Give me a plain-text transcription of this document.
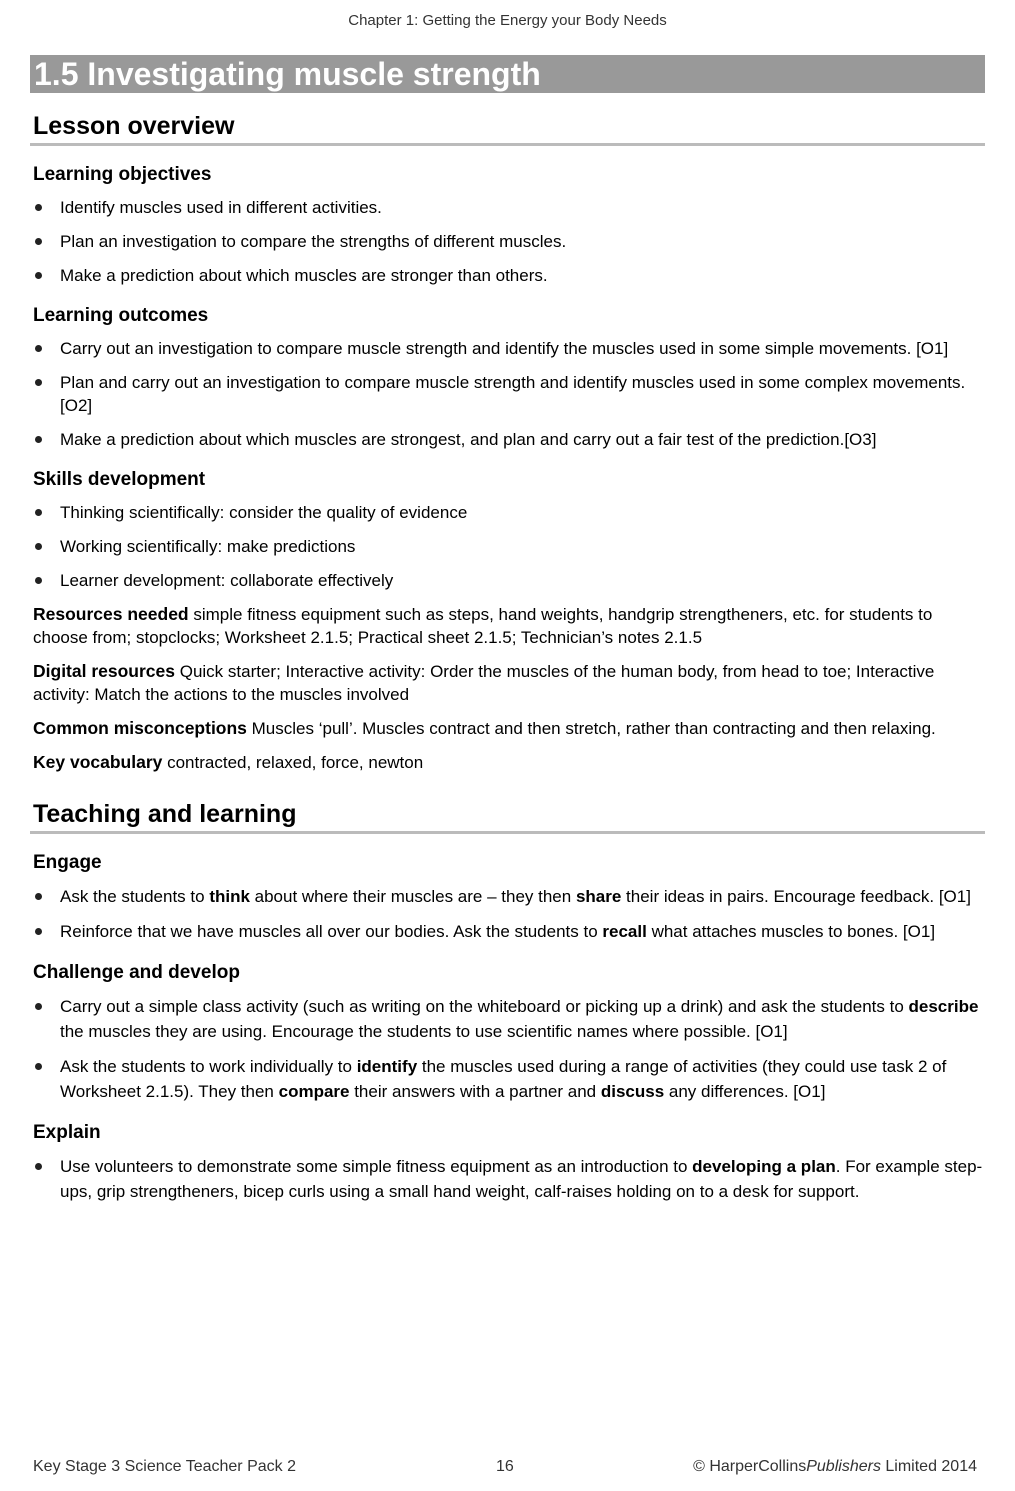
Chapter 1: Getting the Energy your Body Needs
1.5 Investigating muscle strength
Lesson overview
Learning objectives
Identify muscles used in different activities.
Plan an investigation to compare the strengths of different muscles.
Make a prediction about which muscles are stronger than others.
Learning outcomes
Carry out an investigation to compare muscle strength and identify the muscles used in some simple movements. [O1]
Plan and carry out an investigation to compare muscle strength and identify muscles used in some complex movements. [O2]
Make a prediction about which muscles are strongest, and plan and carry out a fair test of the prediction.[O3]
Skills development
Thinking scientifically: consider the quality of evidence
Working scientifically: make predictions
Learner development: collaborate effectively
Resources needed simple fitness equipment such as steps, hand weights, handgrip strengtheners, etc. for students to choose from; stopclocks; Worksheet 2.1.5; Practical sheet 2.1.5; Technician’s notes 2.1.5
Digital resources Quick starter; Interactive activity: Order the muscles of the human body, from head to toe; Interactive activity: Match the actions to the muscles involved
Common misconceptions Muscles ‘pull’. Muscles contract and then stretch, rather than contracting and then relaxing.
Key vocabulary contracted, relaxed, force, newton
Teaching and learning
Engage
Ask the students to think about where their muscles are – they then share their ideas in pairs. Encourage feedback. [O1]
Reinforce that we have muscles all over our bodies. Ask the students to recall what attaches muscles to bones. [O1]
Challenge and develop
Carry out a simple class activity (such as writing on the whiteboard or picking up a drink) and ask the students to describe the muscles they are using. Encourage the students to use scientific names where possible. [O1]
Ask the students to work individually to identify the muscles used during a range of activities (they could use task 2 of Worksheet 2.1.5). They then compare their answers with a partner and discuss any differences. [O1]
Explain
Use volunteers to demonstrate some simple fitness equipment as an introduction to developing a plan. For example step-ups, grip strengtheners, bicep curls using a small hand weight, calf-raises holding on to a desk for support.
Key Stage 3 Science Teacher Pack 2	16	© HarperCollinsPublishers Limited 2014
